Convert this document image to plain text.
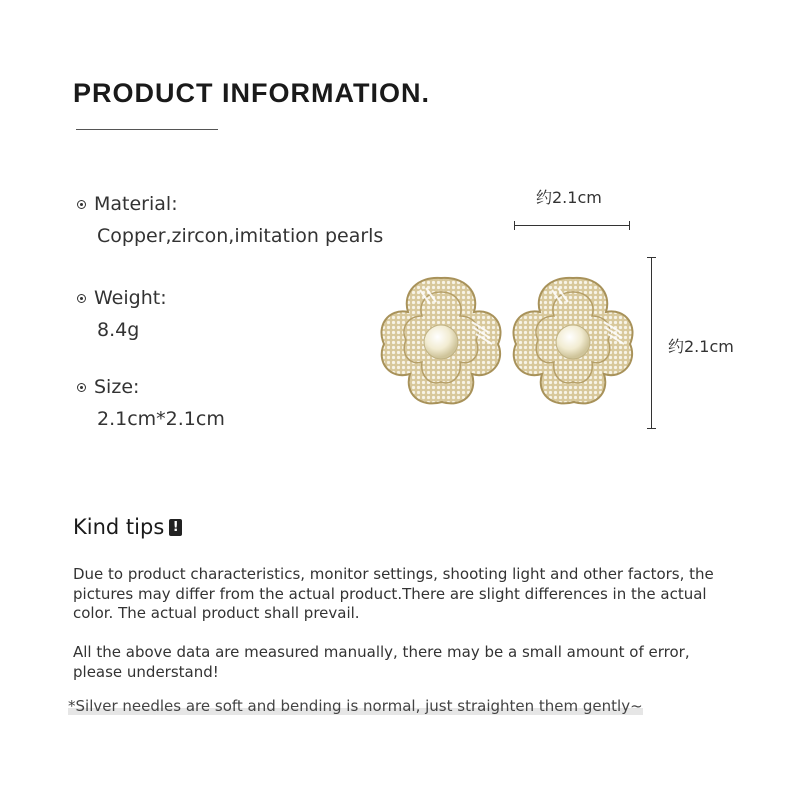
PRODUCT INFORMATION.
Material:
Copper,zircon,imitation pearls
Weight:
8.4g
Size:
2.1cm*2.1cm
约2.1cm
约2.1cm
Kind tips !
Due to product characteristics, monitor settings, shooting light and other factors, the pictures may differ from the actual product.There are slight differences in the actual color. The actual product shall prevail.
All the above data are measured manually, there may be a small amount of error, please understand!
*Silver needles are soft and bending is normal, just straighten them gently~
